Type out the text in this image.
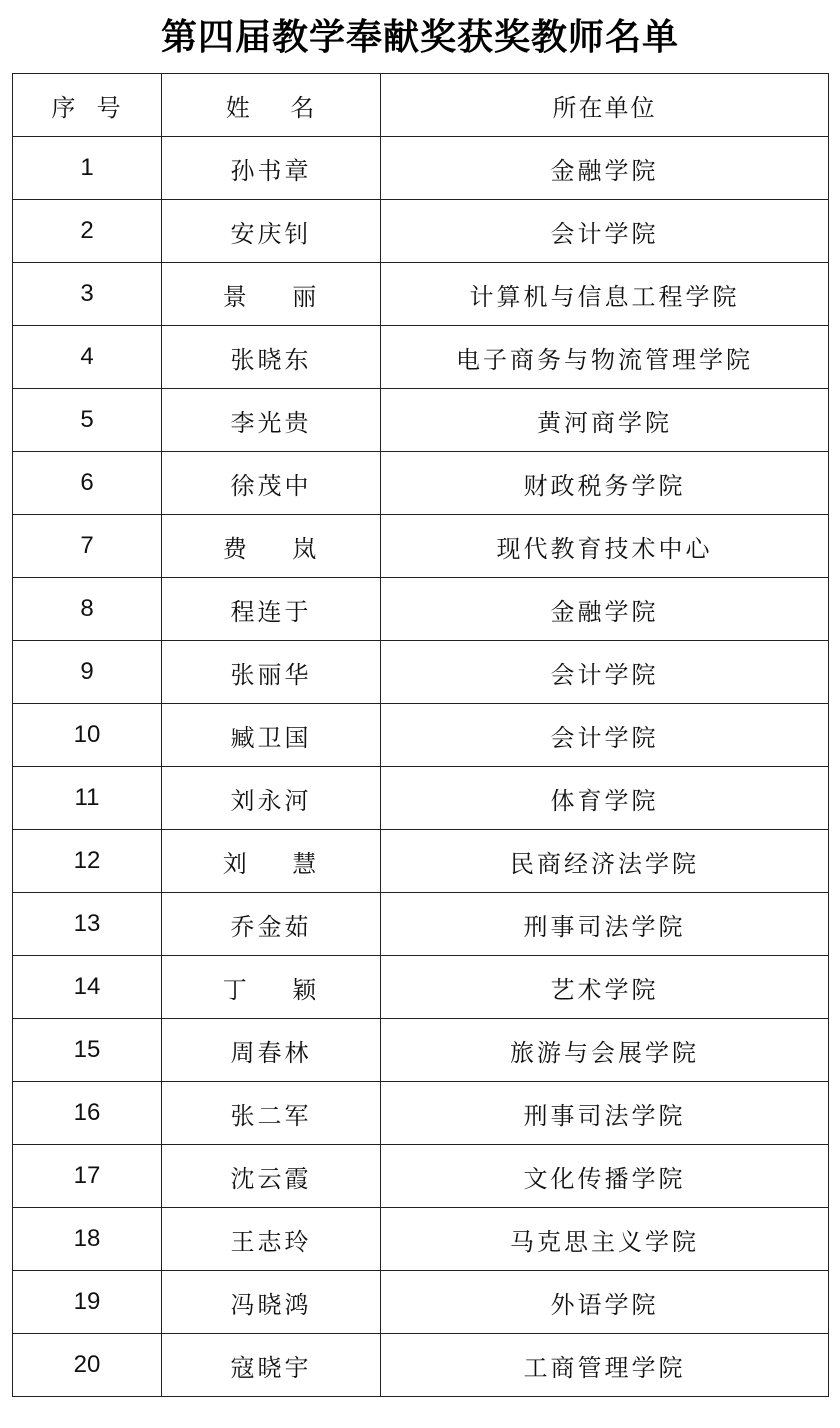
第四届教学奉献奖获奖教师名单
序  号	姓    名	所在单位
1	孙书章	金融学院
2	安庆钊	会计学院
3	景    丽	计算机与信息工程学院
4	张晓东	电子商务与物流管理学院
5	李光贵	黄河商学院
6	徐茂中	财政税务学院
7	费    岚	现代教育技术中心
8	程连于	金融学院
9	张丽华	会计学院
10	臧卫国	会计学院
11	刘永河	体育学院
12	刘    慧	民商经济法学院
13	乔金茹	刑事司法学院
14	丁    颖	艺术学院
15	周春林	旅游与会展学院
16	张二军	刑事司法学院
17	沈云霞	文化传播学院
18	王志玲	马克思主义学院
19	冯晓鸿	外语学院
20	寇晓宇	工商管理学院
